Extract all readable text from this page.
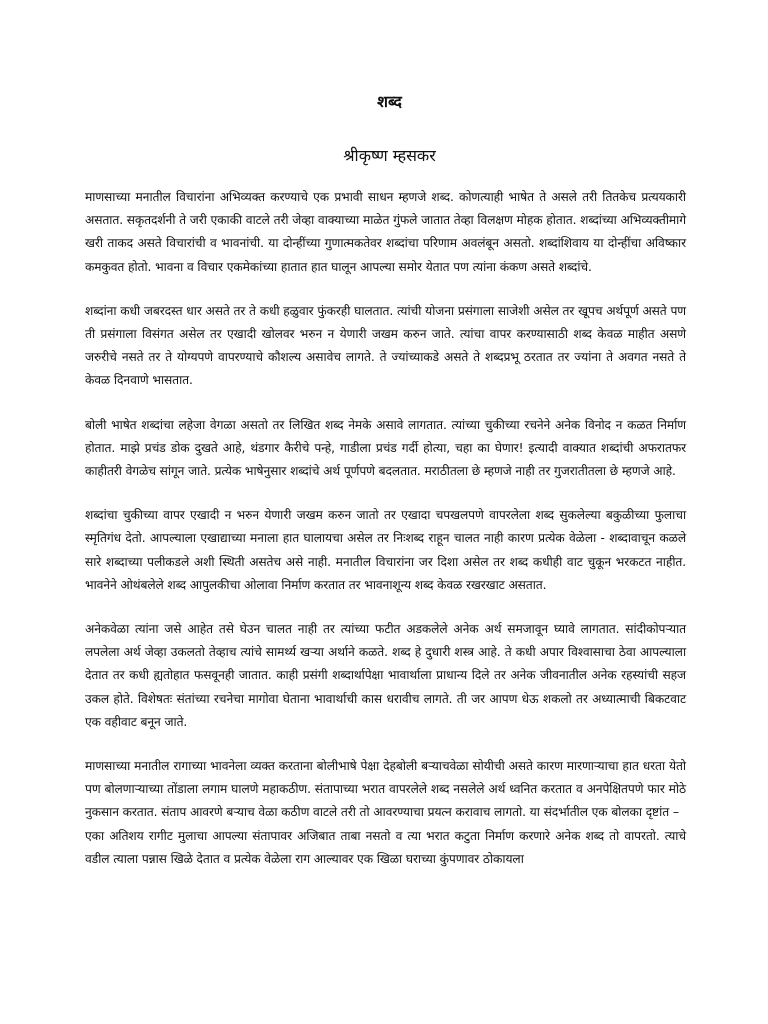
शब्द
श्रीकृष्ण म्हसकर

माणसाच्या मनातील विचारांना अभिव्यक्त करण्याचे एक प्रभावी साधन म्हणजे शब्द. कोणत्याही भाषेत ते असले तरी तितकेच प्रत्ययकारी असतात. सकृतदर्शनी ते जरी एकाकी वाटले तरी जेव्हा वाक्याच्या माळेत गुंफले जातात तेव्हा विलक्षण मोहक होतात. शब्दांच्या अभिव्यक्तीमागे खरी ताकद असते विचारांची व भावनांची. या दोन्हींच्या गुणात्मकतेवर शब्दांचा परिणाम अवलंबून असतो. शब्दांशिवाय या दोन्हींचा अविष्कार कमकुवत होतो. भावना व विचार एकमेकांच्या हातात हात घालून आपल्या समोर येतात पण त्यांना कंकण असते शब्दांचे.

शब्दांना कधी जबरदस्त धार असते तर ते कधी हळुवार फुंकरही घालतात. त्यांची योजना प्रसंगाला साजेशी असेल तर खूपच अर्थपूर्ण असते पण ती प्रसंगाला विसंगत असेल तर एखादी खोलवर भरुन न येणारी जखम करुन जाते. त्यांचा वापर करण्यासाठी शब्द केवळ माहीत असणे जरुरीचे नसते तर ते योग्यपणे वापरण्याचे कौशल्य असावेच लागते. ते ज्यांच्याकडे असते ते शब्दप्रभू ठरतात तर ज्यांना ते अवगत नसते ते केवळ दिनवाणे भासतात.

बोली भाषेत शब्दांचा लहेजा वेगळा असतो तर लिखित शब्द नेमके असावे लागतात. त्यांच्या चुकीच्या रचनेने अनेक विनोद न कळत निर्माण होतात. माझे प्रचंड डोक दुखते आहे, थंडगार कैरीचे पन्हे, गाडीला प्रचंड गर्दी होत्या, चहा का घेणार! इत्यादी वाक्यात शब्दांची अफरातफर काहीतरी वेगळेच सांगून जाते. प्रत्येक भाषेनुसार शब्दांचे अर्थ पूर्णपणे बदलतात. मराठीतला छे म्हणजे नाही तर गुजरातीतला छे म्हणजे आहे.

शब्दांचा चुकीच्या वापर एखादी न भरुन येणारी जखम करुन जातो तर एखादा चपखलपणे वापरलेला शब्द सुकलेल्या बकुळीच्या फुलाचा स्मृतिगंध देतो. आपल्याला एखाद्याच्या मनाला हात घालायचा असेल तर निःशब्द राहून चालत नाही कारण प्रत्येक वेळेला - शब्दावाचून कळले सारे शब्दाच्या पलीकडले अशी स्थिती असतेच असे नाही. मनातील विचारांना जर दिशा असेल तर शब्द कधीही वाट चुकून भरकटत नाहीत. भावनेने ओथंबलेले शब्द आपुलकीचा ओलावा निर्माण करतात तर भावनाशून्य शब्द केवळ रखरखाट असतात.

अनेकवेळा त्यांना जसे आहेत तसे घेउन चालत नाही तर त्यांच्या फटीत अडकलेले अनेक अर्थ समजावून घ्यावे लागतात. सांदीकोपऱ्यात लपलेला अर्थ जेव्हा उकलतो तेव्हाच त्यांचे सामर्थ्य खऱ्या अर्थाने कळते. शब्द हे दुधारी शस्त्र आहे. ते कधी अपार विश्वासाचा ठेवा आपल्याला देतात तर कधी ह्यतोहात फसवूनही जातात. काही प्रसंगी शब्दार्थापेक्षा भावार्थाला प्राधान्य दिले तर अनेक जीवनातील अनेक रहस्यांची सहज उकल होते. विशेषतः संतांच्या रचनेचा मागोवा घेताना भावार्थाची कास धरावीच लागते. ती जर आपण धेऊ शकलो तर अध्यात्माची बिकटवाट एक वहीवाट बनून जाते.

माणसाच्या मनातील रागाच्या भावनेला व्यक्त करताना बोलीभाषे पेक्षा देहबोली बऱ्याचवेळा सोयीची असते कारण मारणाऱ्याचा हात धरता येतो पण बोलणाऱ्याच्या तोंडाला लगाम घालणे महाकठीण. संतापाच्या भरात वापरलेले शब्द नसलेले अर्थ ध्वनित करतात व अनपेक्षितपणे फार मोठे नुकसान करतात. संताप आवरणे बऱ्याच वेळा कठीण वाटले तरी तो आवरण्याचा प्रयत्न करावाच लागतो. या संदर्भातील एक बोलका दृष्टांत –

एका अतिशय रागीट मुलाचा आपल्या संतापावर अजिबात ताबा नसतो व त्या भरात कटुता निर्माण करणारे अनेक शब्द तो वापरतो. त्याचे वडील त्याला पन्नास खिळे देतात व प्रत्येक वेळेला राग आल्यावर एक खिळा घराच्या कुंपणावर ठोकायला
